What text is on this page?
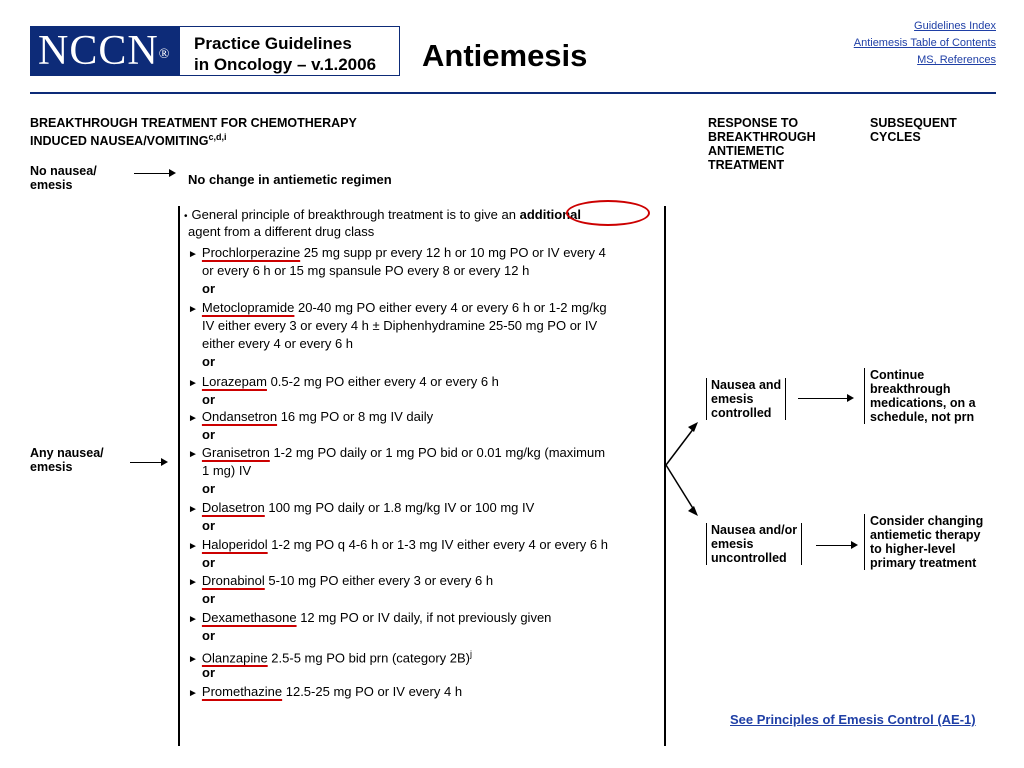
NCCN®
Practice Guidelines
in Oncology – v.1.2006 Antiemesis
Guidelines Index
Antiemesis Table of Contents
MS, References
BREAKTHROUGH TREATMENT FOR CHEMOTHERAPY
INDUCED NAUSEA/VOMITING$^{c,d,i}$
RESPONSE TO
BREAKTHROUGH
ANTIEMETIC
TREATMENT
SUBSEQUENT
CYCLES
No nausea/
emesis	No change in antiemetic regimen
Any nausea/
emesis
• General principle of breakthrough treatment is to give an additional
agent from a different drug class
► Prochlorperazine 25 mg supp pr every 12 h or 10 mg PO or IV every 4
or every 6 h or 15 mg spansule PO every 8 or every 12 h
or
► Metoclopramide 20-40 mg PO either every 4 or every 6 h or 1-2 mg/kg
IV either every 3 or every 4 h ± Diphenhydramine 25-50 mg PO or IV
either every 4 or every 6 h
or
► Lorazepam 0.5-2 mg PO either every 4 or every 6 h
or
► Ondansetron 16 mg PO or 8 mg IV daily
or
► Granisetron 1-2 mg PO daily or 1 mg PO bid or 0.01 mg/kg (maximum
1 mg) IV
or
► Dolasetron 100 mg PO daily or 1.8 mg/kg IV or 100 mg IV
or
► Haloperidol 1-2 mg PO q 4-6 h or 1-3 mg IV either every 4 or every 6 h
or
► Dronabinol 5-10 mg PO either every 3 or every 6 h
or
► Dexamethasone 12 mg PO or IV daily, if not previously given
or
► Olanzapine 2.5-5 mg PO bid prn (category 2B)$^j$
or
► Promethazine 12.5-25 mg PO or IV every 4 h
Nausea and
emesis
controlled
Nausea and/or
emesis
uncontrolled
Continue
breakthrough
medications, on a
schedule, not prn
Consider changing
antiemetic therapy
to higher-level
primary treatment
See Principles of Emesis Control (AE-1)
